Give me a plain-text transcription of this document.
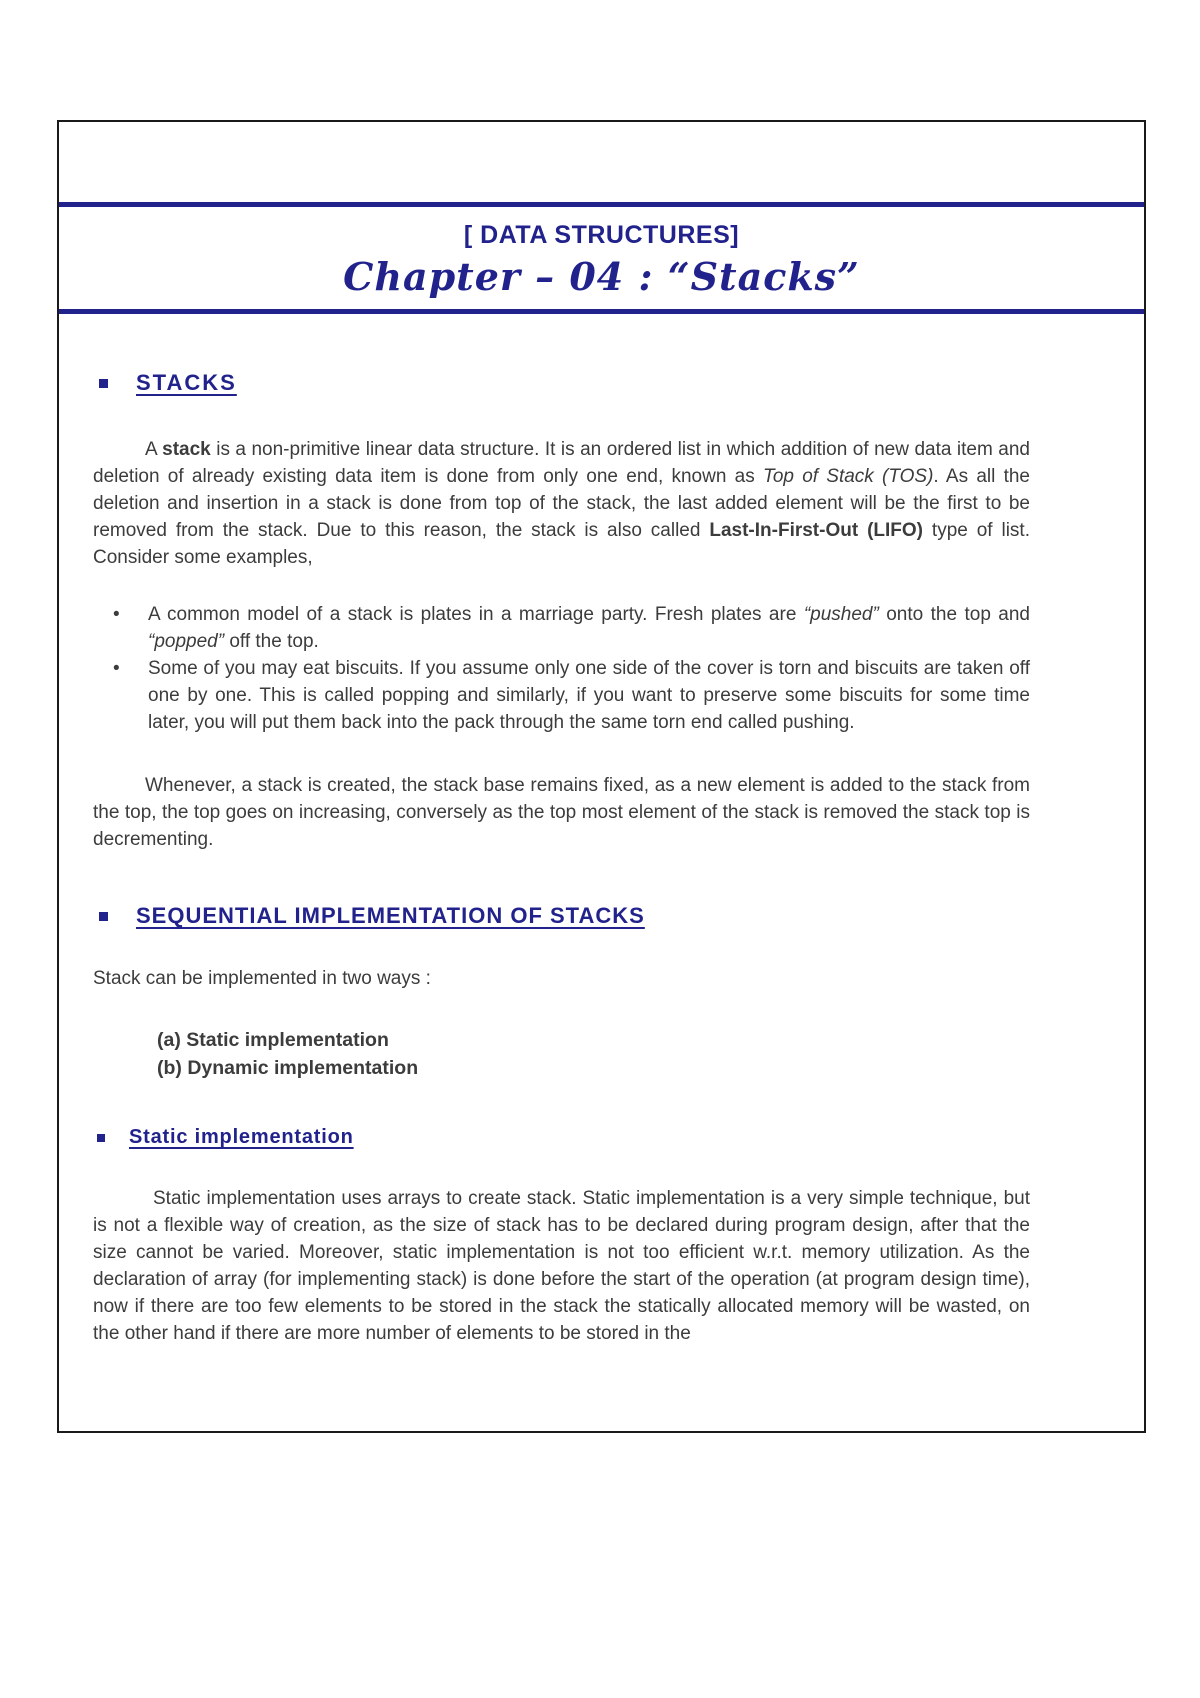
[ DATA STRUCTURES]
Chapter – 04 : “Stacks”
STACKS

A stack is a non-primitive linear data structure. It is an ordered list in which addition of new data item and deletion of already existing data item is done from only one end, known as Top of Stack (TOS). As all the deletion and insertion in a stack is done from top of the stack, the last added element will be the first to be removed from the stack. Due to this reason, the stack is also called Last-In-First-Out (LIFO) type of list. Consider some examples,

•	A common model of a stack is plates in a marriage party. Fresh plates are “pushed” onto the top and “popped” off the top.
•	Some of you may eat biscuits. If you assume only one side of the cover is torn and biscuits are taken off one by one. This is called popping and similarly, if you want to preserve some biscuits for some time later, you will put them back into the pack through the same torn end called pushing.

Whenever, a stack is created, the stack base remains fixed, as a new element is added to the stack from the top, the top goes on increasing, conversely as the top most element of the stack is removed the stack top is decrementing.

SEQUENTIAL IMPLEMENTATION OF STACKS

Stack can be implemented in two ways :

(a) Static implementation
(b) Dynamic implementation
Static implementation

Static implementation uses arrays to create stack. Static implementation is a very simple technique, but is not a flexible way of creation, as the size of stack has to be declared during program design, after that the size cannot be varied. Moreover, static implementation is not too efficient w.r.t. memory utilization. As the declaration of array (for implementing stack) is done before the start of the operation (at program design time), now if there are too few elements to be stored in the stack the statically allocated memory will be wasted, on the other hand if there are more number of elements to be stored in the
